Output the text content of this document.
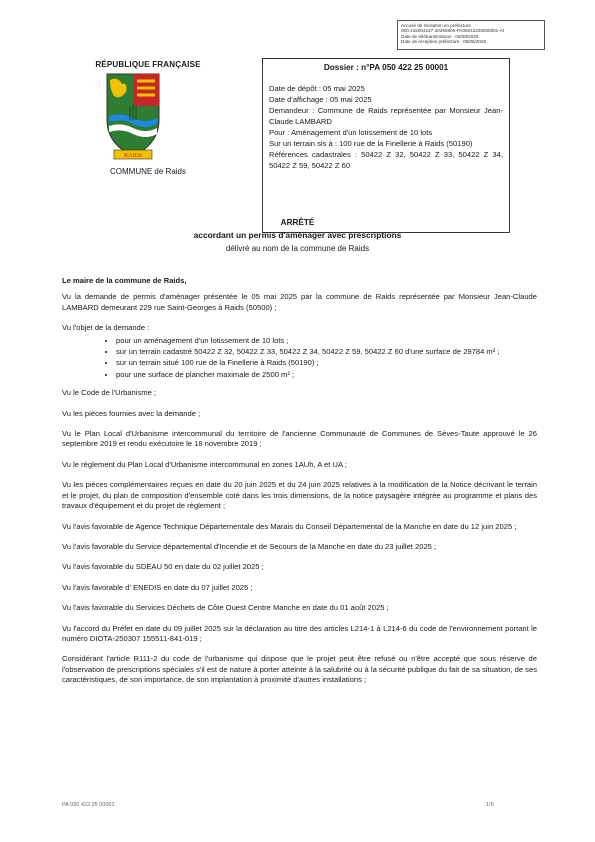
Accusé de réception en préfecture
050-215004227-20250805-PA05042225000001-AI
Date de télétransmission : 05/08/2025
Date de réception préfecture : 05/08/2025
RÉPUBLIQUE FRANÇAISE
RAIDS
COMMUNE de Raids
Dossier : n°PA 050 422 25 00001

Date de dépôt : 05 mai 2025

Date d'affichage : 05 mai 2025

Demandeur : Commune de Raids représentée par Monsieur Jean-Claude LAMBARD

Pour : Aménagement d'un lotissement de 10 lots

Sur un terrain sis à : 100 rue de la Finellerie à Raids (50190)

Références cadastrales : 50422 Z 32, 50422 Z 33, 50422 Z 34, 50422 Z 59, 50422 Z 60

ARRÊTÉ
accordant un permis d'aménager avec prescriptions
délivré au nom de la commune de Raids

Le maire de la commune de Raids,

Vu la demande de permis d'aménager présentée le 05 mai 2025 par la commune de Raids représentée par Monsieur Jean-Claude LAMBARD demeurant 229 rue Saint-Georges à Raids (50500) ;

Vu l'objet de la demande :

• pour un aménagement d'un lotissement de 10 lots ;
• sur un terrain cadastré 50422 Z 32, 50422 Z 33, 50422 Z 34, 50422 Z 59, 50422 Z 60 d'une surface de 29784 m² ;
• sur un terrain situé 100 rue de la Finellerie à Raids (50190) ;
• pour une surface de plancher maximale de 2500 m² ;

Vu le Code de l'Urbanisme ;

Vu les pièces fournies avec la demande ;

Vu le Plan Local d'Urbanisme intercommunal du territoire de l'ancienne Communauté de Communes de Sèves-Taute approuvé le 26 septembre 2019 et rendu exécutoire le 18 novembre 2019 ;

Vu le règlement du Plan Local d'Urbanisme intercommunal en zones 1AUh, A et UA ;

Vu les pièces complémentaires reçues en date du 20 juin 2025 et du 24 juin 2025 relatives à la modification de la Notice décrivant le terrain et le projet, du plan de composition d'ensemble coté dans les trois dimensions, de la notice paysagère intégrée au programme et plans des travaux d'équipement et du projet de règlement ;

Vu l'avis favorable de Agence Technique Départementale des Marais du Conseil Départemental de la Manche en date du 12 juin 2025 ;

Vu l'avis favorable du Service départemental d'Incendie et de Secours de la Manche en date du 23 juillet 2025 ;

Vu l'avis favorable du SDEAU 50 en date du 02 juillet 2025 ;

Vu l'avis favorable d' ENEDIS en date du 07 juillet 2025 ;

Vu l'avis favorable du Services Déchets de Côte Ouest Centre Manche en date du 01 août 2025 ;

Vu l'accord du Préfet en date du 09 juillet 2025 sur la déclaration au titre des articles L214-1 à L214-6 du code de l'environnement portant le numéro DIOTA-250307 155511-841-019 ;

Considérant l'article R111-2 du code de l'urbanisme qui dispose que le projet peut être refusé ou n'être accepté que sous réserve de l'observation de prescriptions spéciales s'il est de nature à porter atteinte à la salubrité ou à la sécurité publique du fait de sa situation, de ses caractéristiques, de son importance, de son implantation à proximité d'autres installations ;

PA 050 422 25 00001	1/5
